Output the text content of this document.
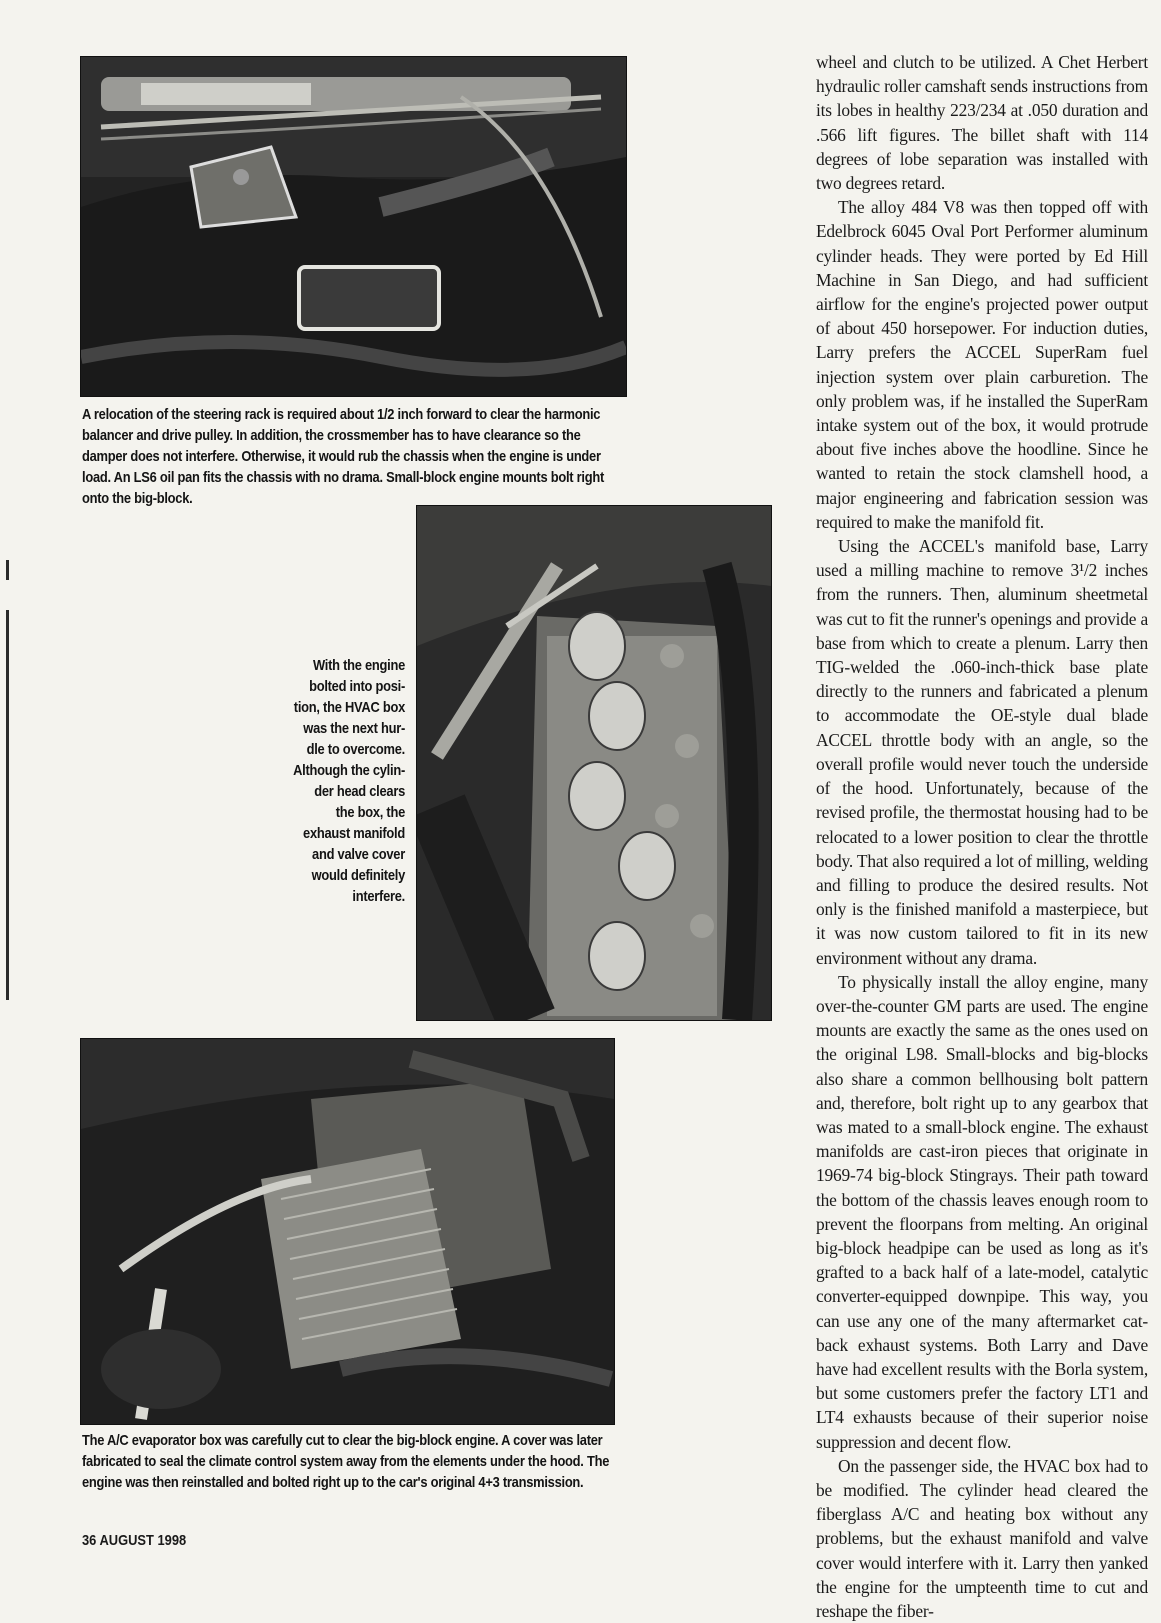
A relocation of the steering rack is required about 1/2 inch forward to clear the harmonic balancer and drive pulley. In addition, the crossmember has to have clearance so the damper does not interfere. Otherwise, it would rub the chassis when the engine is under load. An LS6 oil pan fits the chassis with no drama. Small-block engine mounts bolt right onto the big-block.
With the engine
bolted into posi-
tion, the HVAC box
was the next hur-
dle to overcome.
Although the cylin-
der head clears
the box, the
exhaust manifold
and valve cover
would definitely
interfere.
The A/C evaporator box was carefully cut to clear the big-block engine. A cover was later fabricated to seal the climate control system away from the elements under the hood. The engine was then reinstalled and bolted right up to the car's original 4+3 transmission.

wheel and clutch to be utilized. A Chet Herbert hydraulic roller camshaft sends instructions from its lobes in healthy 223/234 at .050 duration and .566 lift figures. The billet shaft with 114 degrees of lobe separation was installed with two degrees retard.

The alloy 484 V8 was then topped off with Edelbrock 6045 Oval Port Performer aluminum cylinder heads. They were ported by Ed Hill Machine in San Diego, and had sufficient airflow for the engine's projected power output of about 450 horsepower. For induction duties, Larry prefers the ACCEL SuperRam fuel injection system over plain carburetion. The only problem was, if he installed the SuperRam intake system out of the box, it would protrude about five inches above the hoodline. Since he wanted to retain the stock clamshell hood, a major engineering and fabrication session was required to make the manifold fit.

Using the ACCEL's manifold base, Larry used a milling machine to remove 3¹/2 inches from the runners. Then, aluminum sheetmetal was cut to fit the runner's openings and provide a base from which to create a plenum. Larry then TIG-welded the .060-inch-thick base plate directly to the runners and fabricated a plenum to accommodate the OE-style dual blade ACCEL throttle body with an angle, so the overall profile would never touch the underside of the hood. Unfortunately, because of the revised profile, the thermostat housing had to be relocated to a lower position to clear the throttle body. That also required a lot of milling, welding and filling to produce the desired results. Not only is the finished manifold a masterpiece, but it was now custom tailored to fit in its new environment without any drama.

To physically install the alloy engine, many over-the-counter GM parts are used. The engine mounts are exactly the same as the ones used on the original L98. Small-blocks and big-blocks also share a common bellhousing bolt pattern and, therefore, bolt right up to any gearbox that was mated to a small-block engine. The exhaust manifolds are cast-iron pieces that originate in 1969-74 big-block Stingrays. Their path toward the bottom of the chassis leaves enough room to prevent the floorpans from melting. An original big-block headpipe can be used as long as it's grafted to a back half of a late-model, catalytic converter-equipped downpipe. This way, you can use any one of the many aftermarket cat-back exhaust systems. Both Larry and Dave have had excellent results with the Borla system, but some customers prefer the factory LT1 and LT4 exhausts because of their superior noise suppression and decent flow.

On the passenger side, the HVAC box had to be modified. The cylinder head cleared the fiberglass A/C and heating box without any problems, but the exhaust manifold and valve cover would interfere with it. Larry then yanked the engine for the umpteenth time to cut and reshape the fiber-

36 AUGUST 1998
